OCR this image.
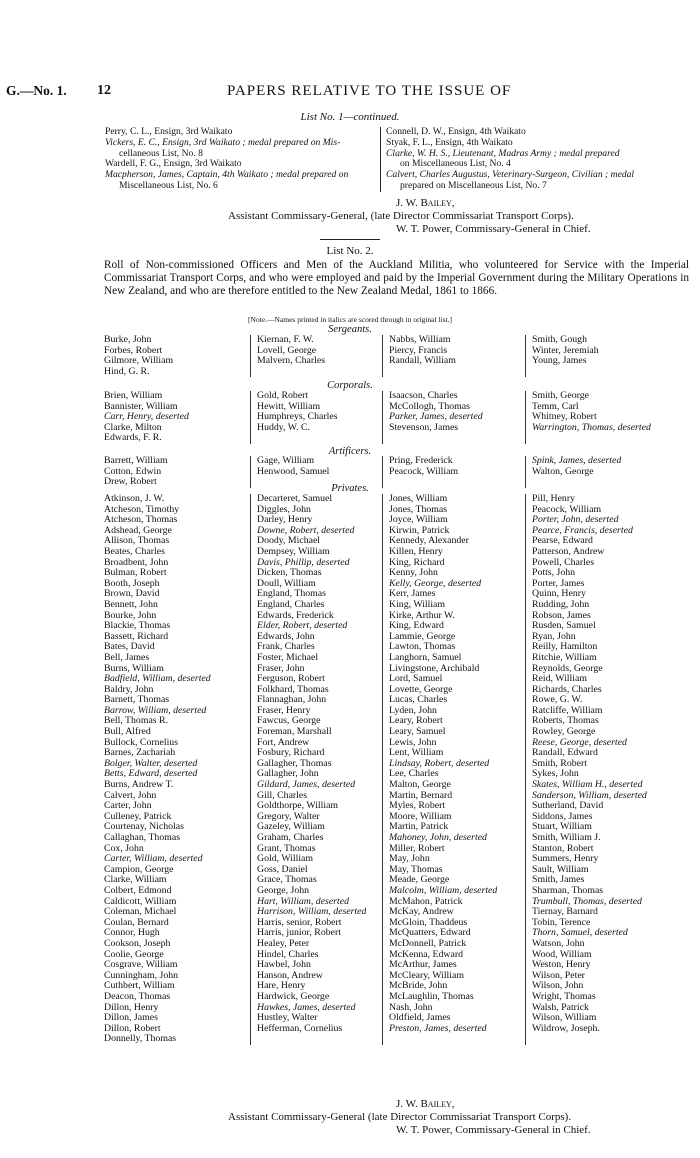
G.—No. 1. 12	PAPERS RELATIVE TO THE ISSUE OF
List No. 1—continued.
Perry, C. L., Ensign, 3rd Waikato
Vickers, E. C., Ensign, 3rd Waikato ; medal prepared on Mis-
cellaneous List, No. 8
Wardell, F. G., Ensign, 3rd Waikato
Macpherson, James, Captain, 4th Waikato ; medal prepared on
Miscellaneous List, No. 6
Connell, D. W., Ensign, 4th Waikato
Styak, F. L., Ensign, 4th Waikato
Clarke, W. H. S., Lieutenant, Madras Army ; medal prepared
on Miscellaneous List, No. 4
Calvert, Charles Augustus, Veterinary-Surgeon, Civilian ; medal
prepared on Miscellaneous List, No. 7
J. W. Bailey,
Assistant Commissary-General, (late Director Commissariat Transport Corps).
W. T. Power, Commissary-General in Chief.
List No. 2.
Roll of Non-commissioned Officers and Men of the Auckland Militia, who volunteered for Service with the Imperial Commissariat Transport Corps, and who were employed and paid by the Imperial Government during the Military Operations in New Zealand, and who are therefore entitled to the New Zealand Medal, 1861 to 1866.
[Note.—Names printed in italics are scored through in original list.]
Sergeants.
Burke, John
Forbes, Robert
Gilmore, William
Hind, G. R.
Kiernan, F. W.
Lovell, George
Malvern, Charles
Nabbs, William
Piercy, Francis
Randall, William
Smith, Gough
Winter, Jeremiah
Young, James
Corporals.
Brien, William
Bannister, William
Carr, Henry, deserted
Clarke, Milton
Edwards, F. R.
Gold, Robert
Hewitt, William
Humphreys, Charles
Huddy, W. C.
Isaacson, Charles
McCollogh, Thomas
Parker, James, deserted
Stevenson, James
Smith, George
Temm, Carl
Whitney, Robert
Warrington, Thomas, deserted
Artificers.
Barrett, William
Cotton, Edwin
Drew, Robert
Gage, William
Henwood, Samuel
Pring, Frederick
Peacock, William
Spink, James, deserted
Walton, George
Privates.
Atkinson, J. W.
Atcheson, Timothy
Atcheson, Thomas
Adshead, George
Allison, Thomas
Beates, Charles
Broadbent, John
Bulman, Robert
Booth, Joseph
Brown, David
Bennett, John
Bourke, John
Blackie, Thomas
Bassett, Richard
Bates, David
Bell, James
Burns, William
Badfield, William, deserted
Baldry, John
Barnett, Thomas
Barrow, William, deserted
Bell, Thomas R.
Bull, Alfred
Bullock, Cornelius
Barnes, Zachariah
Bolger, Walter, deserted
Betts, Edward, deserted
Burns, Andrew T.
Calvert, John
Carter, John
Culleney, Patrick
Courtenay, Nicholas
Callaghan, Thomas
Cox, John
Carter, William, deserted
Campion, George
Clarke, William
Colbert, Edmond
Caldicott, William
Coleman, Michael
Coulan, Bernard
Connor, Hugh
Cookson, Joseph
Coolie, George
Cosgrave, William
Cunningham, John
Cuthbert, William
Deacon, Thomas
Dillon, Henry
Dillon, James
Dillon, Robert
Donnelly, Thomas
Decarteret, Samuel
Diggles, John
Darley, Henry
Downe, Robert, deserted
Doody, Michael
Dempsey, William
Davis, Phillip, deserted
Dicken, Thomas
Doull, William
England, Thomas
England, Charles
Edwards, Frederick
Elder, Robert, deserted
Edwards, John
Frank, Charles
Foster, Michael
Fraser, John
Ferguson, Robert
Folkhard, Thomas
Flannaghan, John
Fraser, Henry
Fawcus, George
Foreman, Marshall
Fort, Andrew
Fosbury, Richard
Gallagher, Thomas
Gallagher, John
Gildard, James, deserted
Gill, Charles
Goldthorpe, William
Gregory, Walter
Gazeley, William
Graham, Charles
Grant, Thomas
Gold, William
Goss, Daniel
Grace, Thomas
George, John
Hart, William, deserted
Harrison, William, deserted
Harris, senior, Robert
Harris, junior, Robert
Healey, Peter
Hindel, Charles
Hawbel, John
Hanson, Andrew
Hare, Henry
Hardwick, George
Hawkes, James, deserted
Hustley, Walter
Hefferman, Cornelius
Jones, William
Jones, Thomas
Joyce, William
Kirwin, Patrick
Kennedy, Alexander
Killen, Henry
King, Richard
Kenny, John
Kelly, George, deserted
Kerr, James
King, William
Kirke, Arthur W.
King, Edward
Lammie, George
Lawton, Thomas
Langhorn, Samuel
Livingstone, Archibald
Lord, Samuel
Lovette, George
Lucas, Charles
Lyden, John
Leary, Robert
Leary, Samuel
Lewis, John
Lent, William
Lindsay, Robert, deserted
Lee, Charles
Malton, George
Martin, Bernard
Myles, Robert
Moore, William
Martin, Patrick
Mahoney, John, deserted
Miller, Robert
May, John
May, Thomas
Meade, George
Malcolm, William, deserted
McMahon, Patrick
McKay, Andrew
McGloin, Thaddeus
McQuatters, Edward
McDonnell, Patrick
McKenna, Edward
McArthur, James
McCleary, William
McBride, John
McLaughlin, Thomas
Nash, John
Oldfield, James
Preston, James, deserted
Pill, Henry
Peacock, William
Porter, John, deserted
Pearce, Francis, deserted
Pearse, Edward
Patterson, Andrew
Powell, Charles
Potts, John
Porter, James
Quinn, Henry
Rudding, John
Robson, James
Rusden, Samuel
Ryan, John
Reilly, Hamilton
Ritchie, William
Reynolds, George
Reid, William
Richards, Charles
Rowe, G. W.
Ratcliffe, William
Roberts, Thomas
Rowley, George
Reese, George, deserted
Randall, Edward
Smith, Robert
Sykes, John
Skates, William H., deserted
Sanderson, William, deserted
Sutherland, David
Siddons, James
Stuart, William
Smith, William J.
Stanton, Robert
Summers, Henry
Sault, William
Smith, James
Sharman, Thomas
Trumbull, Thomas, deserted
Tiernay, Barnard
Tobin, Terence
Thorn, Samuel, deserted
Watson, John
Wood, William
Weston, Henry
Wilson, Peter
Wilson, John
Wright, Thomas
Walsh, Patrick
Wilson, William
Wildrow, Joseph.
J. W. Bailey,
Assistant Commissary-General (late Director Commissariat Transport Corps).
W. T. Power, Commissary-General in Chief.
